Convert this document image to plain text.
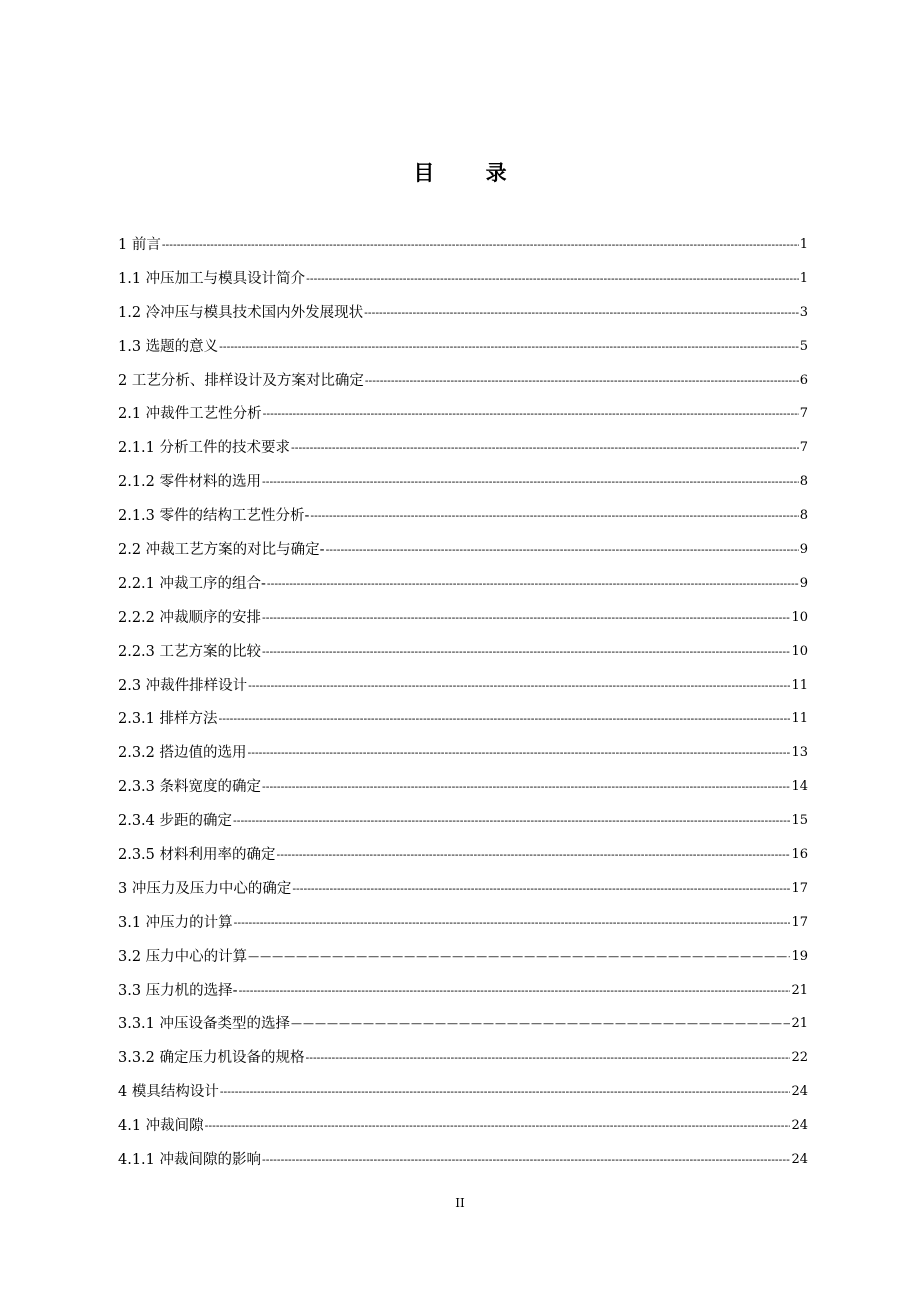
目 录
1 前言 -----	1
1.1 冲压加工与模具设计简介 -----	1
1.2 冷冲压与模具技术国内外发展现状 -----	3
1.3 选题的意义 -----	5
2 工艺分析、排样设计及方案对比确定 -----	6
2.1 冲裁件工艺性分析 -----	7
2.1.1 分析工件的技术要求 -----	7
2.1.2 零件材料的选用 -----	8
2.1.3 零件的结构工艺性分析- -----	8
2.2 冲裁工艺方案的对比与确定- -----	9
2.2.1 冲裁工序的组合- -----	9
2.2.2 冲裁顺序的安排 -----	10
2.2.3 工艺方案的比较 -----	10
2.3 冲裁件排样设计 -----	11
2.3.1 排样方法 -----	11
2.3.2 搭边值的选用 -----	13
2.3.3 条料宽度的确定 -----	14
2.3.4 步距的确定 -----	15
2.3.5 材料利用率的确定 -----	16
3 冲压力及压力中心的确定 -----	17
3.1 冲压力的计算 -----	17
3.2 压力中心的计算 —————	19
3.3 压力机的选择- -----	21
3.3.1 冲压设备类型的选择 —————	21
3.3.2 确定压力机设备的规格 -----	22
4 模具结构设计 -----	24
4.1 冲裁间隙 -----	24
4.1.1 冲裁间隙的影响 -----	24
II
